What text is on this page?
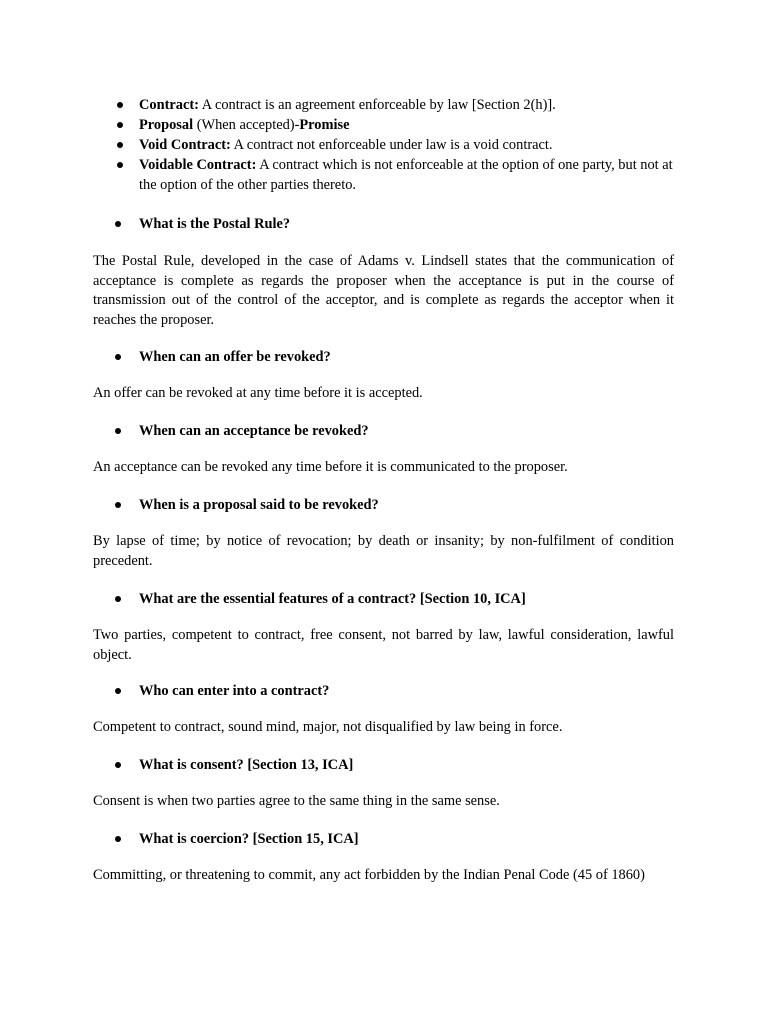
Contract: A contract is an agreement enforceable by law [Section 2(h)].
Proposal (When accepted)-Promise
Void Contract: A contract not enforceable under law is a void contract.
Voidable Contract: A contract which is not enforceable at the option of one party, but not at the option of the other parties thereto.
What is the Postal Rule?
The Postal Rule, developed in the case of Adams v. Lindsell states that the communication of acceptance is complete as regards the proposer when the acceptance is put in the course of transmission out of the control of the acceptor, and is complete as regards the acceptor when it reaches the proposer.
When can an offer be revoked?
An offer can be revoked at any time before it is accepted.
When can an acceptance be revoked?
An acceptance can be revoked any time before it is communicated to the proposer.
When is a proposal said to be revoked?
By lapse of time; by notice of revocation; by death or insanity; by non-fulfilment of condition precedent.
What are the essential features of a contract? [Section 10, ICA]
Two parties, competent to contract, free consent, not barred by law, lawful consideration, lawful object.
Who can enter into a contract?
Competent to contract, sound mind, major, not disqualified by law being in force.
What is consent? [Section 13, ICA]
Consent is when two parties agree to the same thing in the same sense.
What is coercion? [Section 15, ICA]
Committing, or threatening to commit, any act forbidden by the Indian Penal Code (45 of 1860)
